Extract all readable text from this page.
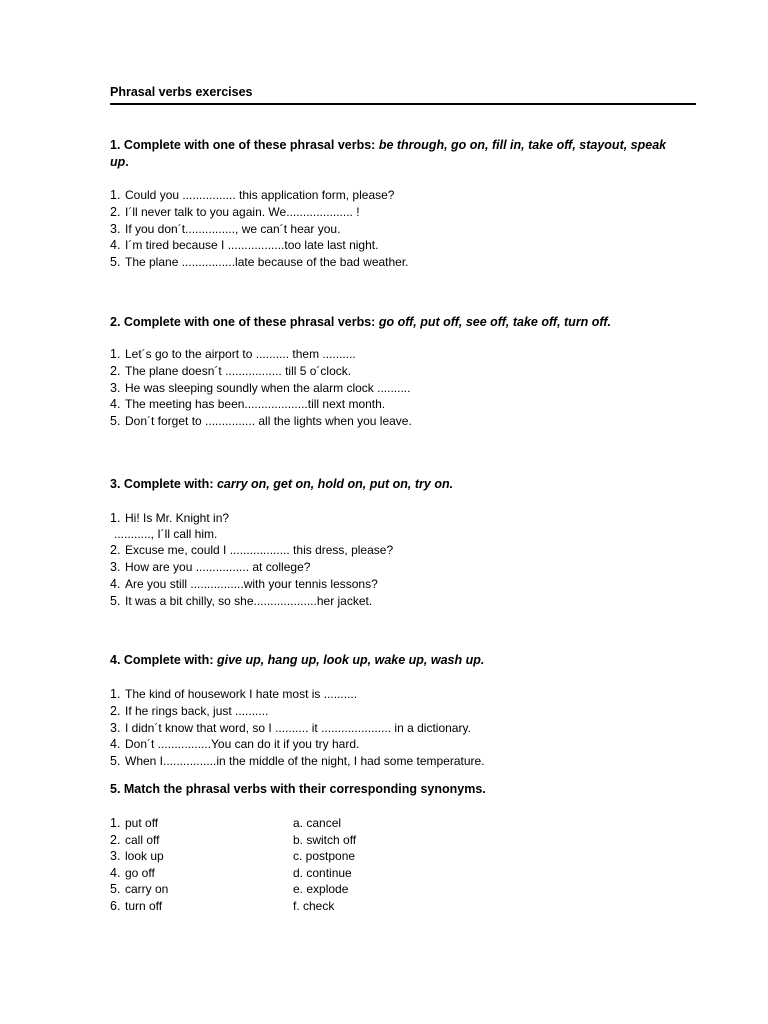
Phrasal verbs exercises
1. Complete with one of these phrasal verbs: be through, go on, fill in, take off, stayout, speak
up.
1. Could you ................ this application form, please?
2.I´ll never talk to you again. We.................... !
3.If you don´t..............., we can´t hear you.
4. I´m tired because I .................too late last night.
5.The plane ................late because of the bad weather.
2. Complete with one of these phrasal verbs: go off, put off, see off, take off, turn off.
1. Let´s go to the airport to .......... them ..........
2. The plane doesn´t ................. till 5 o´clock.
3. He was sleeping soundly when the alarm clock ..........
4. The meeting has been...................till next month.
5. Don´t forget to ............... all the lights when you leave.
3. Complete with: carry on, get on, hold on, put on, try on.
1. Hi! Is Mr. Knight in?
..........., I´ll call him.
2. Excuse me, could I .................. this dress, please?
3. How are you ................ at college?
4. Are you still ................with your tennis lessons?
5. It was a bit chilly, so she...................her jacket.
4. Complete with: give up, hang up, look up, wake up, wash up.
1. The kind of housework I hate most is ..........
2. If he rings back, just ..........
3. I didn´t know that word, so I .......... it ..................... in a dictionary.
4. Don´t ................You can do it if you try hard.
5. When I................in the middle of the night, I had some temperature.
5. Match the phrasal verbs with their corresponding synonyms.
1. put off	a. cancel
2. call off	b. switch off
3. look up	c. postpone
4. go off	d. continue
5. carry on	e. explode
6. turn off	f. check
